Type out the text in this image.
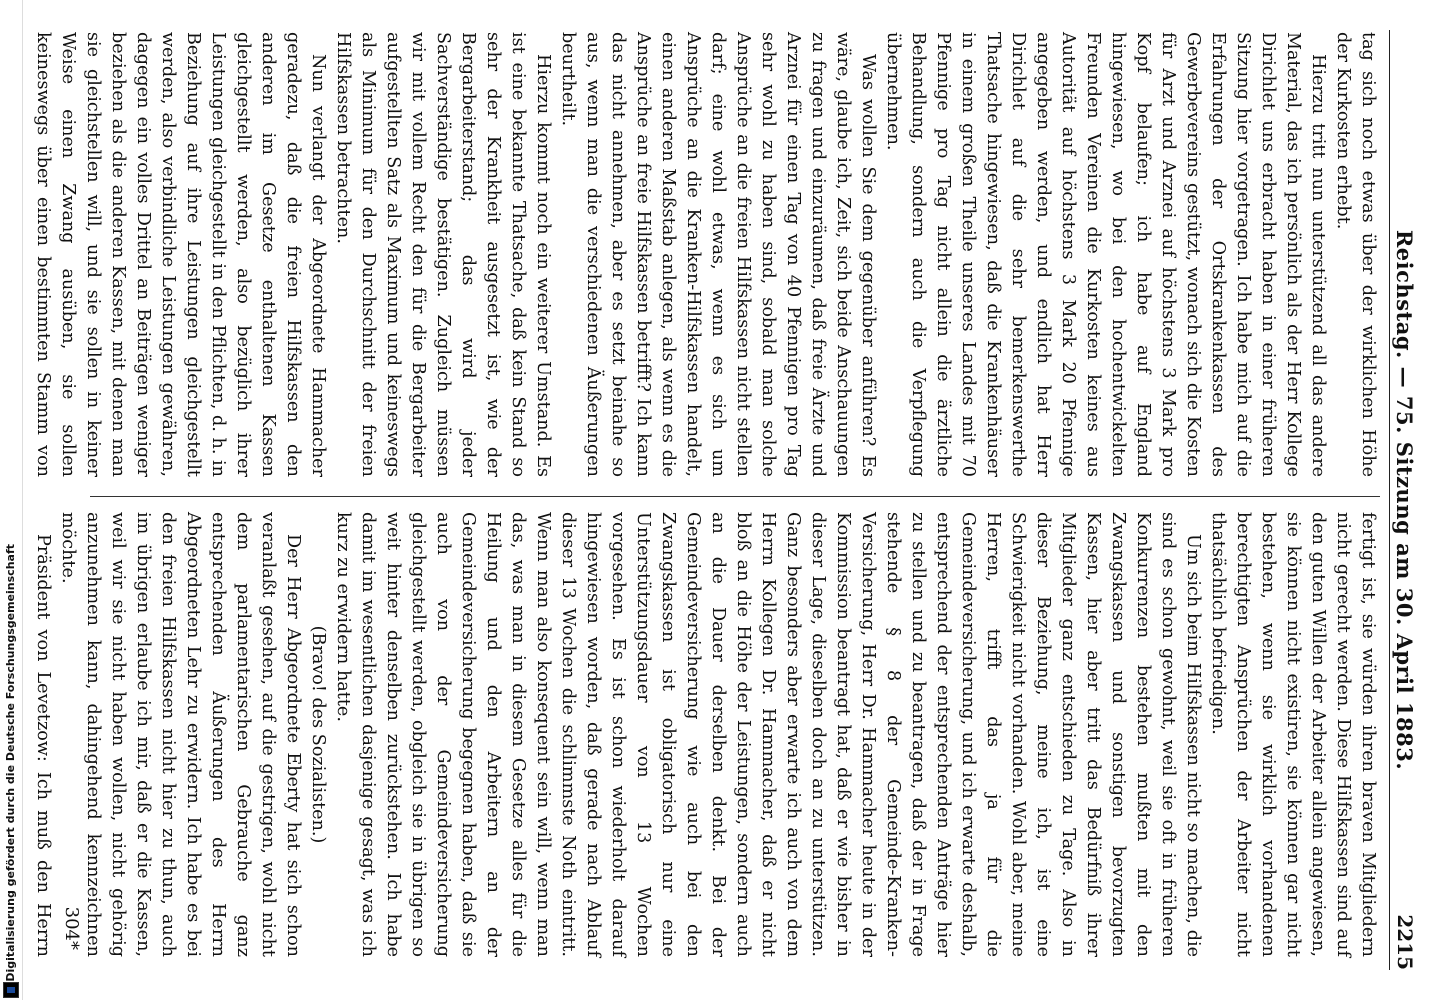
Digitalisierung gefördert durch die Deutsche Forschungsgemeinschaft	Reichstag. — 75. Sitzung am 30. April 1883.
2215

tag sich noch etwas über der wirklichen Höhe der Kurkosten erhebt.

Hierzu tritt nun unterstützend all das andere Material, das ich persönlich als der Herr Kollege Dirichlet uns erbracht haben in einer früheren Sitzung hier vorgetragen. Ich habe mich auf die Erfahrungen der Ortskrankenkassen des Gewerbevereins gestützt, wonach sich die Kosten für Arzt und Arznei auf höchstens 3 Mark pro Kopf belaufen; ich habe auf England hingewiesen, wo bei den hochentwickelten Freunden Vereinen die Kurkosten keines aus Autorität auf höchstens 3 Mark 20 Pfennige angegeben werden, und endlich hat Herr Dirichlet auf die sehr bemerkenswerthe Thatsache hingewiesen, daß die Krankenhäuser in einem großen Theile unseres Landes mit 70 Pfennige pro Tag nicht allein die ärztliche Behandlung, sondern auch die Verpflegung übernehmen.

Was wollen Sie dem gegenüber anführen? Es wäre, glaube ich, Zeit, sich beide Anschauungen zu fragen und einzuräumen, daß freie Ärzte und Arznei für einen Tag von 40 Pfennigen pro Tag sehr wohl zu haben sind, sobald man solche Ansprüche an die freien Hilfskassen nicht stellen darf; eine wohl etwas, wenn es sich um Ansprüche an die Kranken-Hilfskassen handelt, einen anderen Maßstab anlegen, als wenn es die Ansprüche an freie Hilfskassen betrifft? Ich kann das nicht annehmen, aber es setzt beinahe so aus, wenn man die verschiedenen Äußerungen beurtheilt.

Hierzu kommt noch ein weiterer Umstand. Es ist eine bekannte Thatsache, daß kein Stand so sehr der Krankheit ausgesetzt ist, wie der Bergarbeiterstand; das wird jeder Sachverständige bestätigen. Zugleich müssen wir mit vollem Recht den für die Bergarbeiter aufgestellten Satz als Maximum und keineswegs als Minimum für den Durchschnitt der freien Hilfskassen betrachten.

Nun verlangt der Abgeordnete Hammacher geradezu, daß die freien Hilfskassen den anderen im Gesetze enthaltenen Kassen gleichgestellt werden, also bezüglich ihrer Leistungen gleichgestellt in den Pflichten, d. h. in Beziehung auf ihre Leistungen gleichgestellt werden, also verbindliche Leistungen gewähren, dagegen ein volles Drittel an Beiträgen weniger beziehen als die anderen Kassen, mit denen man sie gleichstellen will, und sie sollen in keiner Weise einen Zwang ausüben, sie sollen keineswegs über einen bestimmten Stamm von

fertigt ist, sie würden ihren braven Mitgliedern nicht gerecht werden. Diese Hilfskassen sind auf den guten Willen der Arbeiter allein angewiesen, sie können nicht existiren, sie können gar nicht bestehen, wenn sie wirklich vorhandenen berechtigten Ansprüchen der Arbeiter nicht thatsächlich befriedigen.

Um sich beim Hilfskassen nicht so machen, die sind es schon gewohnt, weil sie oft in früheren Konkurrenzen bestehen mußten mit den Zwangskassen und sonstigen bevorzugten Kassen, hier aber tritt das Bedürfniß ihrer Mitglieder ganz entschieden zu Tage. Also in dieser Beziehung, meine ich, ist eine Schwierigkeit nicht vorhanden. Wohl aber, meine Herren, trifft das ja für die Gemeindeversicherung, und ich erwarte deshalb, entsprechend der entsprechenden Anträge hier zu stellen und zu beantragen, daß der in Frage stehende § 8 der Gemeinde-Kranken-Versicherung, Herr Dr. Hammacher heute in der Kommission beantragt hat, daß er wie bisher in dieser Lage, dieselben doch an zu unterstützen. Ganz besonders aber erwarte ich auch von dem Herrn Kollegen Dr. Hammacher, daß er nicht bloß an die Höhe der Leistungen, sondern auch an die Dauer derselben denkt. Bei der Gemeindeversicherung wie auch bei den Zwangskassen ist obligatorisch nur eine Unterstützungsdauer von 13 Wochen vorgesehen. Es ist schon wiederholt darauf hingewiesen worden, daß gerade nach Ablauf dieser 13 Wochen die schlimmste Noth eintritt. Wenn man also konsequent sein will, wenn man das, was man in diesem Gesetze alles für die Heilung und den Arbeitern an der Gemeindeversicherung begegnen haben, daß sie auch von der Gemeindeversicherung gleichgestellt werden, obgleich sie in übrigen so weit hinter denselben zurückstehen. Ich habe damit im wesentlichen dasjenige gesagt, was ich kurz zu erwidern hatte.

(Bravo! des Sozialisten.)

Der Herr Abgeordnete Eberty hat sich schon veranlaßt gesehen, auf die gestrigen, wohl nicht dem parlamentarischen Gebrauche ganz entsprechenden Äußerungen des Herrn Abgeordneten Lehr zu erwidern. Ich habe es bei den freien Hilfskassen nicht hier zu thun, auch im übrigen erlaube ich mir, daß er die Kassen, weil wir sie nicht haben wollen, nicht gehörig anzunehmen kann, dahingehend kennzeichnen möchte.

Präsident von Levetzow: Ich muß den Herrn 304*
